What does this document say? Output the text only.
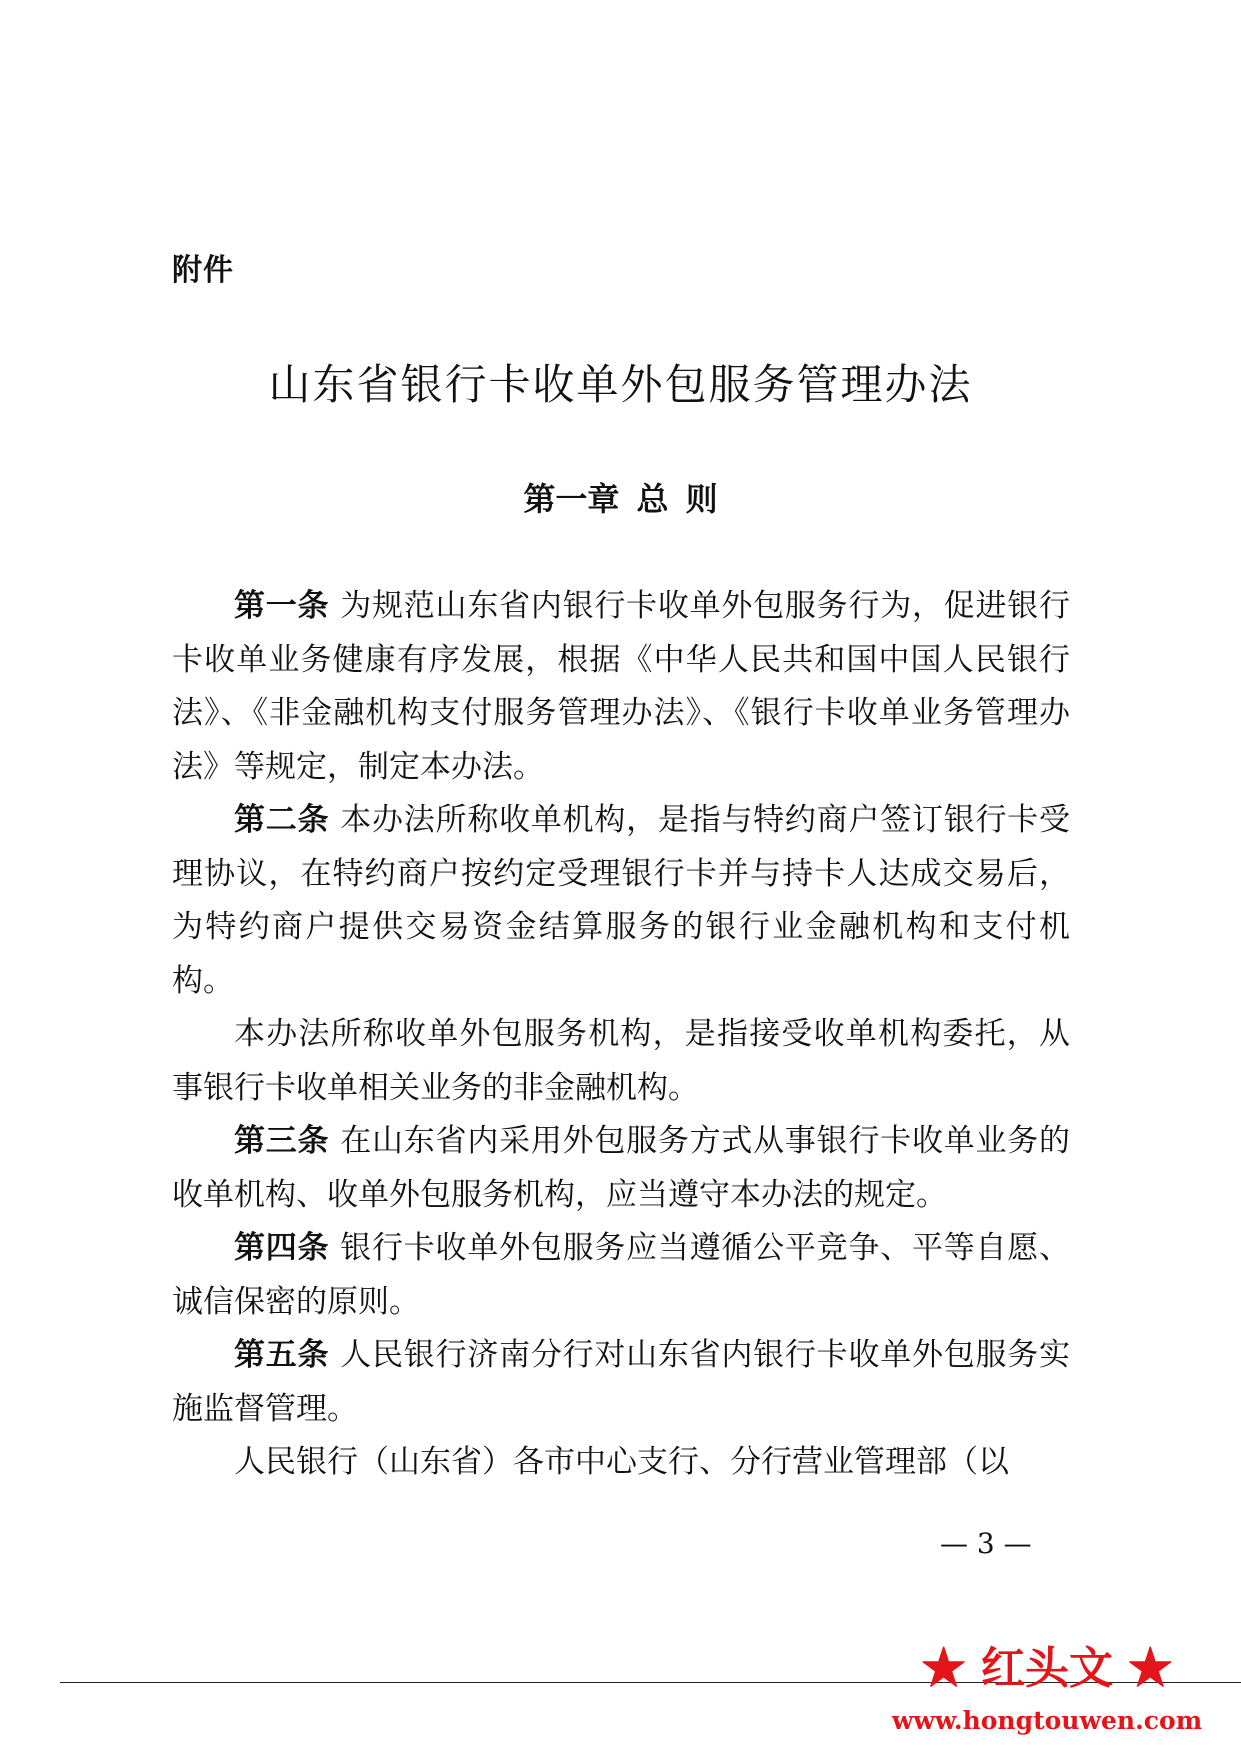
附件
山东省银行卡收单外包服务管理办法
第一章 总 则

第一条  为规范山东省内银行卡收单外包服务行为，促进银行卡收单业务健康有序发展，根据《中华人民共和国中国人民银行法》、《非金融机构支付服务管理办法》、《银行卡收单业务管理办法》等规定，制定本办法。

第二条  本办法所称收单机构，是指与特约商户签订银行卡受理协议，在特约商户按约定受理银行卡并与持卡人达成交易后，为特约商户提供交易资金结算服务的银行业金融机构和支付机构。

本办法所称收单外包服务机构，是指接受收单机构委托，从事银行卡收单相关业务的非金融机构。

第三条  在山东省内采用外包服务方式从事银行卡收单业务的收单机构、收单外包服务机构，应当遵守本办法的规定。

第四条  银行卡收单外包服务应当遵循公平竞争、平等自愿、诚信保密的原则。

第五条  人民银行济南分行对山东省内银行卡收单外包服务实施监督管理。

人民银行（山东省）各市中心支行、分行营业管理部（以

— 3 —
★ 红头文 ★
www.hongtouwen.com
